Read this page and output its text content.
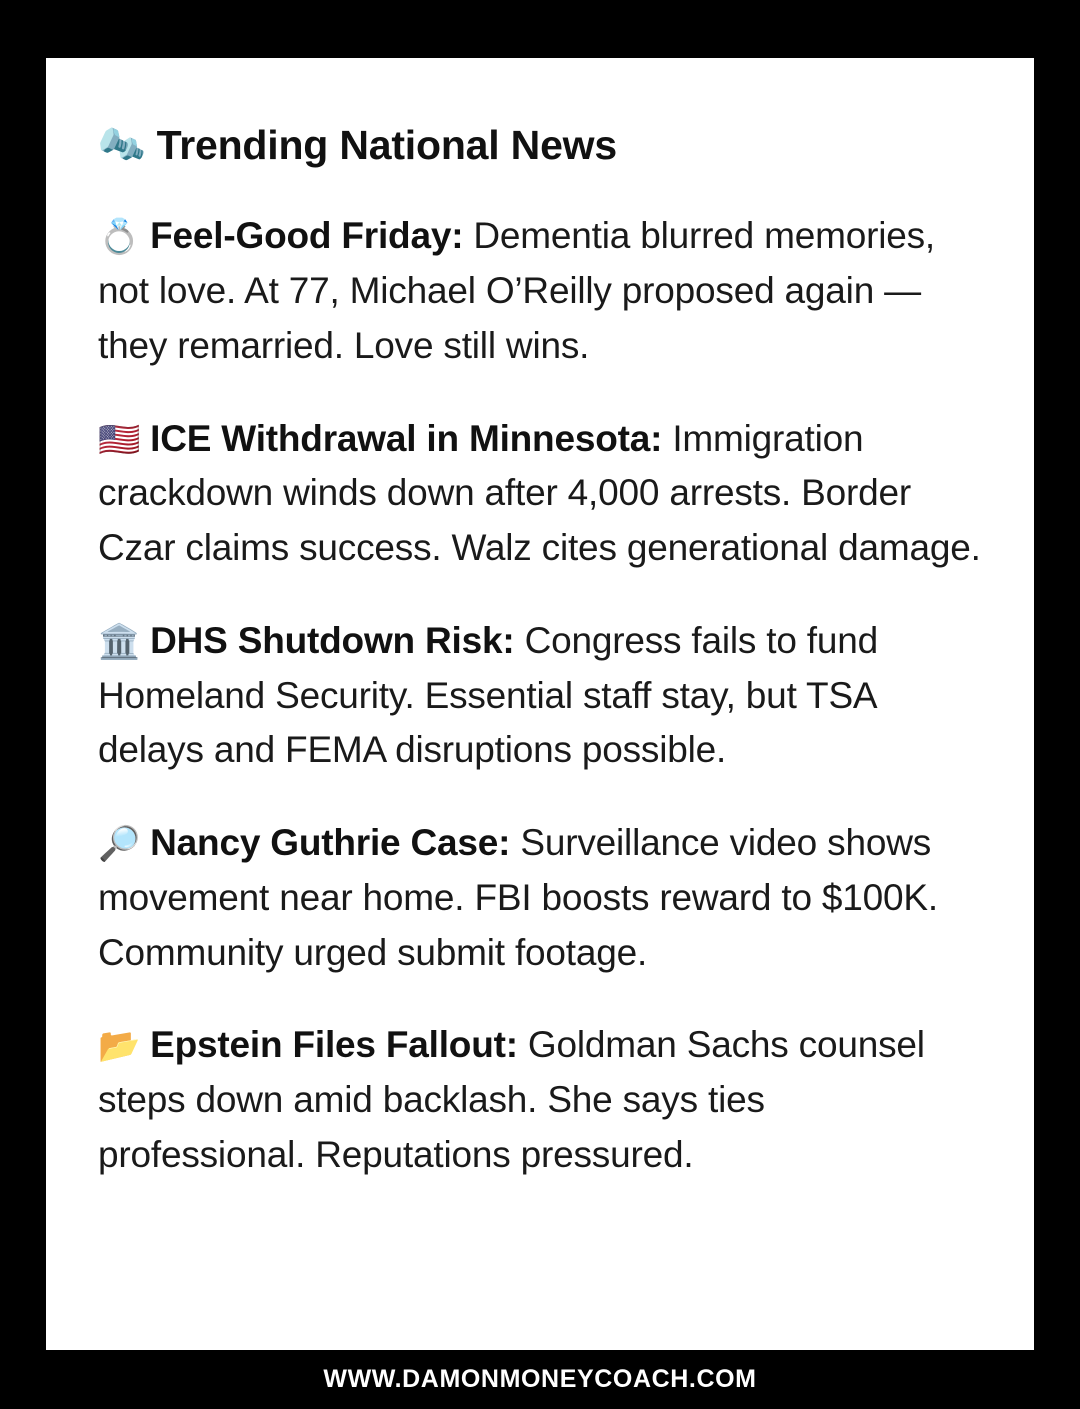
🔩 Trending National News

💍 Feel-Good Friday: Dementia blurred memories, not love. At 77, Michael O’Reilly proposed again — they remarried. Love still wins.

🇺🇸 ICE Withdrawal in Minnesota: Immigration crackdown winds down after 4,000 arrests. Border Czar claims success. Walz cites generational damage.

🏛️ DHS Shutdown Risk: Congress fails to fund Homeland Security. Essential staff stay, but TSA delays and FEMA disruptions possible.

🔎 Nancy Guthrie Case: Surveillance video shows movement near home. FBI boosts reward to $100K. Community urged submit footage.

📂 Epstein Files Fallout: Goldman Sachs counsel steps down amid backlash. She says ties professional. Reputations pressured.

WWW.DAMONMONEYCOACH.COM
